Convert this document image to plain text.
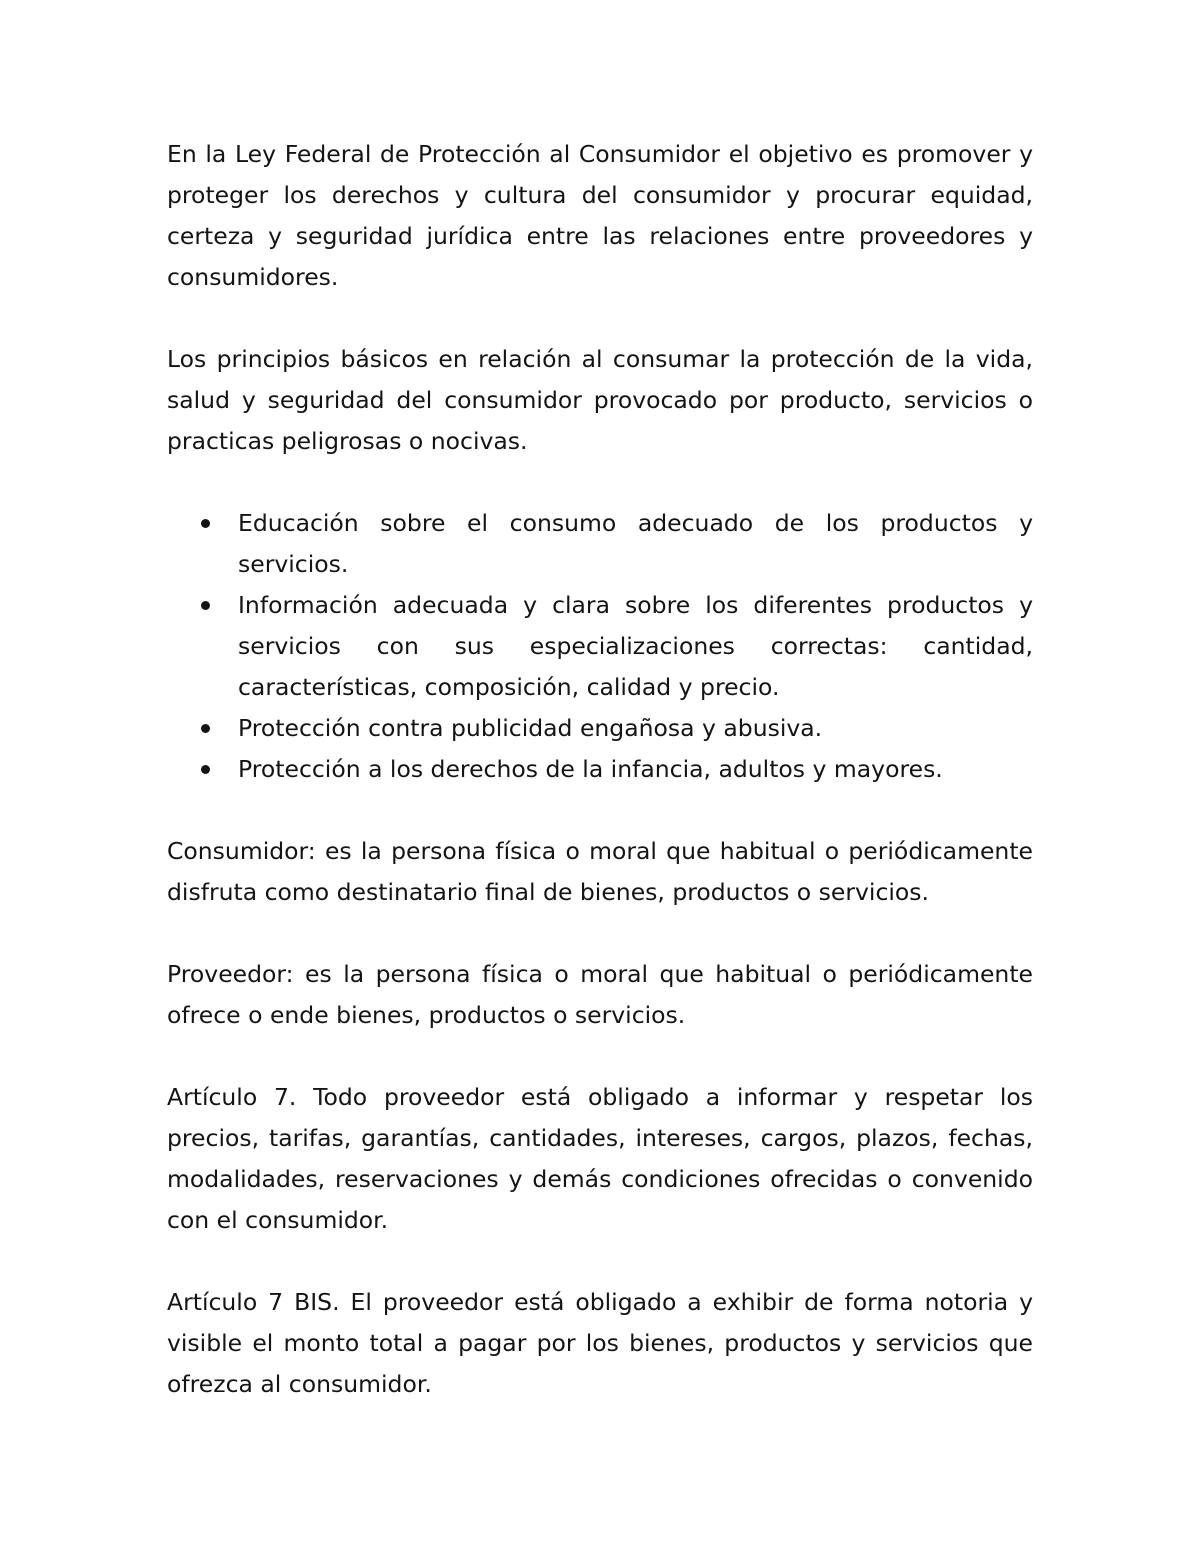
En la Ley Federal de Protección al Consumidor el objetivo es promover y proteger los derechos y cultura del consumidor y procurar equidad, certeza y seguridad jurídica entre las relaciones entre proveedores y consumidores.

Los principios básicos en relación al consumar la protección de la vida, salud y seguridad del consumidor provocado por producto, servicios o practicas peligrosas o nocivas.

Educación sobre el consumo adecuado de los productos y servicios.
Información adecuada y clara sobre los diferentes productos y servicios con sus especializaciones correctas: cantidad, características, composición, calidad y precio.
Protección contra publicidad engañosa y abusiva.
Protección a los derechos de la infancia, adultos y mayores.

Consumidor: es la persona física o moral que habitual o periódicamente disfruta como destinatario final de bienes, productos o servicios.

Proveedor: es la persona física o moral que habitual o periódicamente ofrece o ende bienes, productos o servicios.

Artículo 7. Todo proveedor está obligado a informar y respetar los precios, tarifas, garantías, cantidades, intereses, cargos, plazos, fechas, modalidades, reservaciones y demás condiciones ofrecidas o convenido con el consumidor.

Artículo 7 BIS. El proveedor está obligado a exhibir de forma notoria y visible el monto total a pagar por los bienes, productos y servicios que ofrezca al consumidor.
